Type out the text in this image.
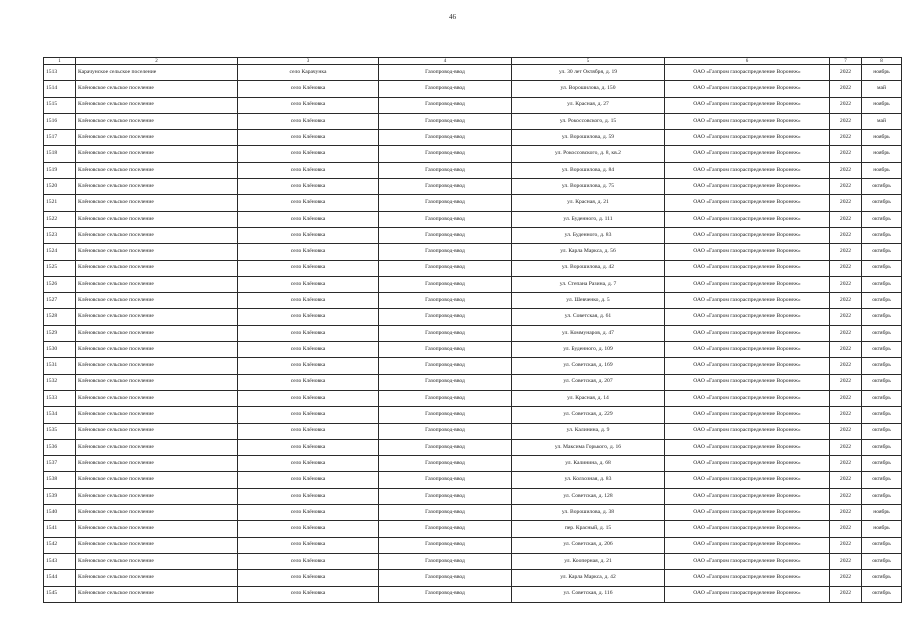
46
1	2	3	4	5	6	7	8
1513	Карачунское сельское поселение	село Карачунка	Газопровод-ввод	ул. 30 лет Октября, д. 19	ОАО «Газпром газораспределение Воронеж»	2022	ноябрь
1514	Клёновское сельское поселение	село Клёновка	Газопровод-ввод	ул. Ворошилова, д. 150	ОАО «Газпром газораспределение Воронеж»	2022	май
1515	Клёновское сельское поселение	село Клёновка	Газопровод-ввод	ул. Красная, д. 27	ОАО «Газпром газораспределение Воронеж»	2022	ноябрь
1516	Клёновское сельское поселение	село Клёновка	Газопровод-ввод	ул. Рокоссовского, д. 15	ОАО «Газпром газораспределение Воронеж»	2022	май
1517	Клёновское сельское поселение	село Клёновка	Газопровод-ввод	ул. Ворошилова, д. 59	ОАО «Газпром газораспределение Воронеж»	2022	ноябрь
1518	Клёновское сельское поселение	село Клёновка	Газопровод-ввод	ул. Рокоссовского, д. 8, кв.2	ОАО «Газпром газораспределение Воронеж»	2022	ноябрь
1519	Клёновское сельское поселение	село Клёновка	Газопровод-ввод	ул. Ворошилова, д. 84	ОАО «Газпром газораспределение Воронеж»	2022	ноябрь
1520	Клёновское сельское поселение	село Клёновка	Газопровод-ввод	ул. Ворошилова, д. 75	ОАО «Газпром газораспределение Воронеж»	2022	октябрь
1521	Клёновское сельское поселение	село Клёновка	Газопровод-ввод	ул. Красная, д. 21	ОАО «Газпром газораспределение Воронеж»	2022	октябрь
1522	Клёновское сельское поселение	село Клёновка	Газопровод-ввод	ул. Буденного, д. 111	ОАО «Газпром газораспределение Воронеж»	2022	октябрь
1523	Клёновское сельское поселение	село Клёновка	Газопровод-ввод	ул. Буденного, д. 83	ОАО «Газпром газораспределение Воронеж»	2022	октябрь
1524	Клёновское сельское поселение	село Клёновка	Газопровод-ввод	ул. Карла Маркса, д. 56	ОАО «Газпром газораспределение Воронеж»	2022	октябрь
1525	Клёновское сельское поселение	село Клёновка	Газопровод-ввод	ул. Ворошилова, д. 42	ОАО «Газпром газораспределение Воронеж»	2022	октябрь
1526	Клёновское сельское поселение	село Клёновка	Газопровод-ввод	ул. Степана Разина, д. 7	ОАО «Газпром газораспределение Воронеж»	2022	октябрь
1527	Клёновское сельское поселение	село Клёновка	Газопровод-ввод	ул. Шевченко, д. 5	ОАО «Газпром газораспределение Воронеж»	2022	октябрь
1528	Клёновское сельское поселение	село Клёновка	Газопровод-ввод	ул. Советская, д. 61	ОАО «Газпром газораспределение Воронеж»	2022	октябрь
1529	Клёновское сельское поселение	село Клёновка	Газопровод-ввод	ул. Коммунаров, д. 47	ОАО «Газпром газораспределение Воронеж»	2022	октябрь
1530	Клёновское сельское поселение	село Клёновка	Газопровод-ввод	ул. Буденного, д. 109	ОАО «Газпром газораспределение Воронеж»	2022	октябрь
1531	Клёновское сельское поселение	село Клёновка	Газопровод-ввод	ул. Советская, д. 169	ОАО «Газпром газораспределение Воронеж»	2022	октябрь
1532	Клёновское сельское поселение	село Клёновка	Газопровод-ввод	ул. Советская, д. 207	ОАО «Газпром газораспределение Воронеж»	2022	октябрь
1533	Клёновское сельское поселение	село Клёновка	Газопровод-ввод	ул. Красная, д. 14	ОАО «Газпром газораспределение Воронеж»	2022	октябрь
1534	Клёновское сельское поселение	село Клёновка	Газопровод-ввод	ул. Советская, д. 229	ОАО «Газпром газораспределение Воронеж»	2022	октябрь
1535	Клёновское сельское поселение	село Клёновка	Газопровод-ввод	ул. Калинина, д. 9	ОАО «Газпром газораспределение Воронеж»	2022	октябрь
1536	Клёновское сельское поселение	село Клёновка	Газопровод-ввод	ул. Максима Горького, д. 16	ОАО «Газпром газораспределение Воронеж»	2022	октябрь
1537	Клёновское сельское поселение	село Клёновка	Газопровод-ввод	ул. Калинина, д. 68	ОАО «Газпром газораспределение Воронеж»	2022	октябрь
1538	Клёновское сельское поселение	село Клёновка	Газопровод-ввод	ул. Колхозная, д. 83	ОАО «Газпром газораспределение Воронеж»	2022	октябрь
1539	Клёновское сельское поселение	село Клёновка	Газопровод-ввод	ул. Советская, д. 128	ОАО «Газпром газораспределение Воронеж»	2022	октябрь
1540	Клёновское сельское поселение	село Клёновка	Газопровод-ввод	ул. Ворошилова, д. 38	ОАО «Газпром газораспределение Воронеж»	2022	ноябрь
1541	Клёновское сельское поселение	село Клёновка	Газопровод-ввод	пер. Красный, д. 15	ОАО «Газпром газораспределение Воронеж»	2022	ноябрь
1542	Клёновское сельское поселение	село Клёновка	Газопровод-ввод	ул. Советская, д. 206	ОАО «Газпром газораспределение Воронеж»	2022	октябрь
1543	Клёновское сельское поселение	село Клёновка	Газопровод-ввод	ул. Кооперная, д. 21	ОАО «Газпром газораспределение Воронеж»	2022	октябрь
1544	Клёновское сельское поселение	село Клёновка	Газопровод-ввод	ул. Карла Маркса, д. 42	ОАО «Газпром газораспределение Воронеж»	2022	октябрь
1545	Клёновское сельское поселение	село Клёновка	Газопровод-ввод	ул. Советская, д. 116	ОАО «Газпром газораспределение Воронеж»	2022	октябрь
